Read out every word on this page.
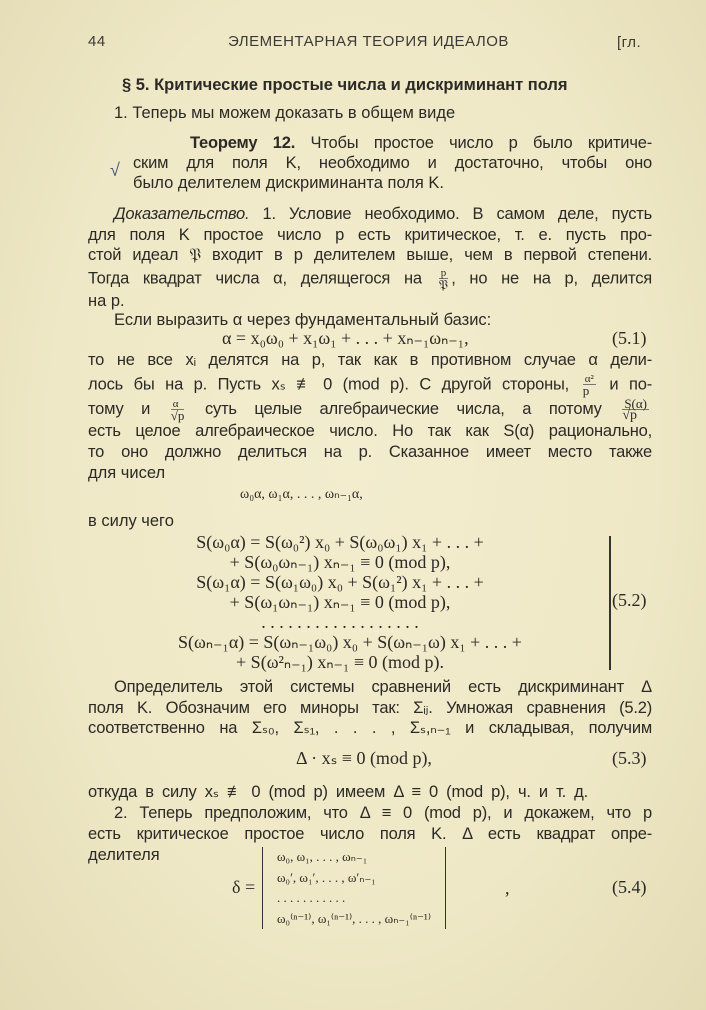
44	ЭЛЕМЕНТАРНАЯ ТЕОРИЯ ИДЕАЛОВ	[гл.
§ 5. Критические простые числа и дискриминант поля
1. Теперь мы можем доказать в общем виде
√
Теорему 12. Чтобы простое число p было критиче-
ским для поля K, необходимо и достаточно, чтобы оно
было делителем дискриминанта поля K.
Доказательство. 1. Условие необходимо. В самом деле, пусть
для поля K простое число p есть критическое, т. е. пусть про-
стой идеал 𝔓 входит в p делителем выше, чем в первой степени.
Тогда квадрат числа α, делящегося на $\frac{p}{\text{𝔓}}$ , но не на p, делится
на p.
Если выразить α через фундаментальный базис:
α = x₀ω₀ + x₁ω₁ + . . . + xₙ₋₁ωₙ₋₁,	(5.1)
то не все xᵢ делятся на p, так как в противном случае α дели-
лось бы на p. Пусть xₛ ≢ 0 (mod p). С другой стороны, $\frac{\text{α²}}{p}$ и по-
тому и $\frac{\alpha}{√p}$ суть целые алгебраические числа, а потому $\frac{S(\alpha)}{√p}$
есть целое алгебраическое число. Но так как S(α) рационально,
то оно должно делиться на p. Сказанное имеет место также
для чисел
ω₀α, ω₁α, . . . , ωₙ₋₁α,
в силу чего
S(ω₀α) = S(ω₀²) x₀ + S(ω₀ω₁) x₁ + . . . +
+ S(ω₀ωₙ₋₁) xₙ₋₁ ≡ 0 (mod p),
S(ω₁α) = S(ω₁ω₀) x₀ + S(ω₁²) x₁ + . . . +
+ S(ω₁ωₙ₋₁) xₙ₋₁ ≡ 0 (mod p),
. . . . . . . . . . . . . . . . . .
S(ωₙ₋₁α) = S(ωₙ₋₁ω₀) x₀ + S(ωₙ₋₁ω) x₁ + . . . +
+ S(ω²ₙ₋₁) xₙ₋₁ ≡ 0 (mod p).
(5.2)
Определитель этой системы сравнений есть дискриминант Δ
поля K. Обозначим его миноры так: Σᵢⱼ. Умножая сравнения (5.2)
соответственно на Σₛ₀, Σₛ₁, . . . , Σₛ,ₙ₋₁ и складывая, получим
Δ · xₛ ≡ 0 (mod p),	(5.3)
откуда в силу xₛ ≢ 0 (mod p) имеем Δ ≡ 0 (mod p), ч. и т. д.
2. Теперь предположим, что Δ ≡ 0 (mod p), и докажем, что p
есть критическое простое число поля K. Δ есть квадрат опре-
делителя
δ =
ω₀, ω₁, . . . , ωₙ₋₁
ω₀′, ω₁′, . . . , ω′ₙ₋₁
. . . . . . . . . . .
ω₀⁽ⁿ⁻¹⁾, ω₁⁽ⁿ⁻¹⁾, . . . , ωₙ₋₁⁽ⁿ⁻¹⁾
,	(5.4)
